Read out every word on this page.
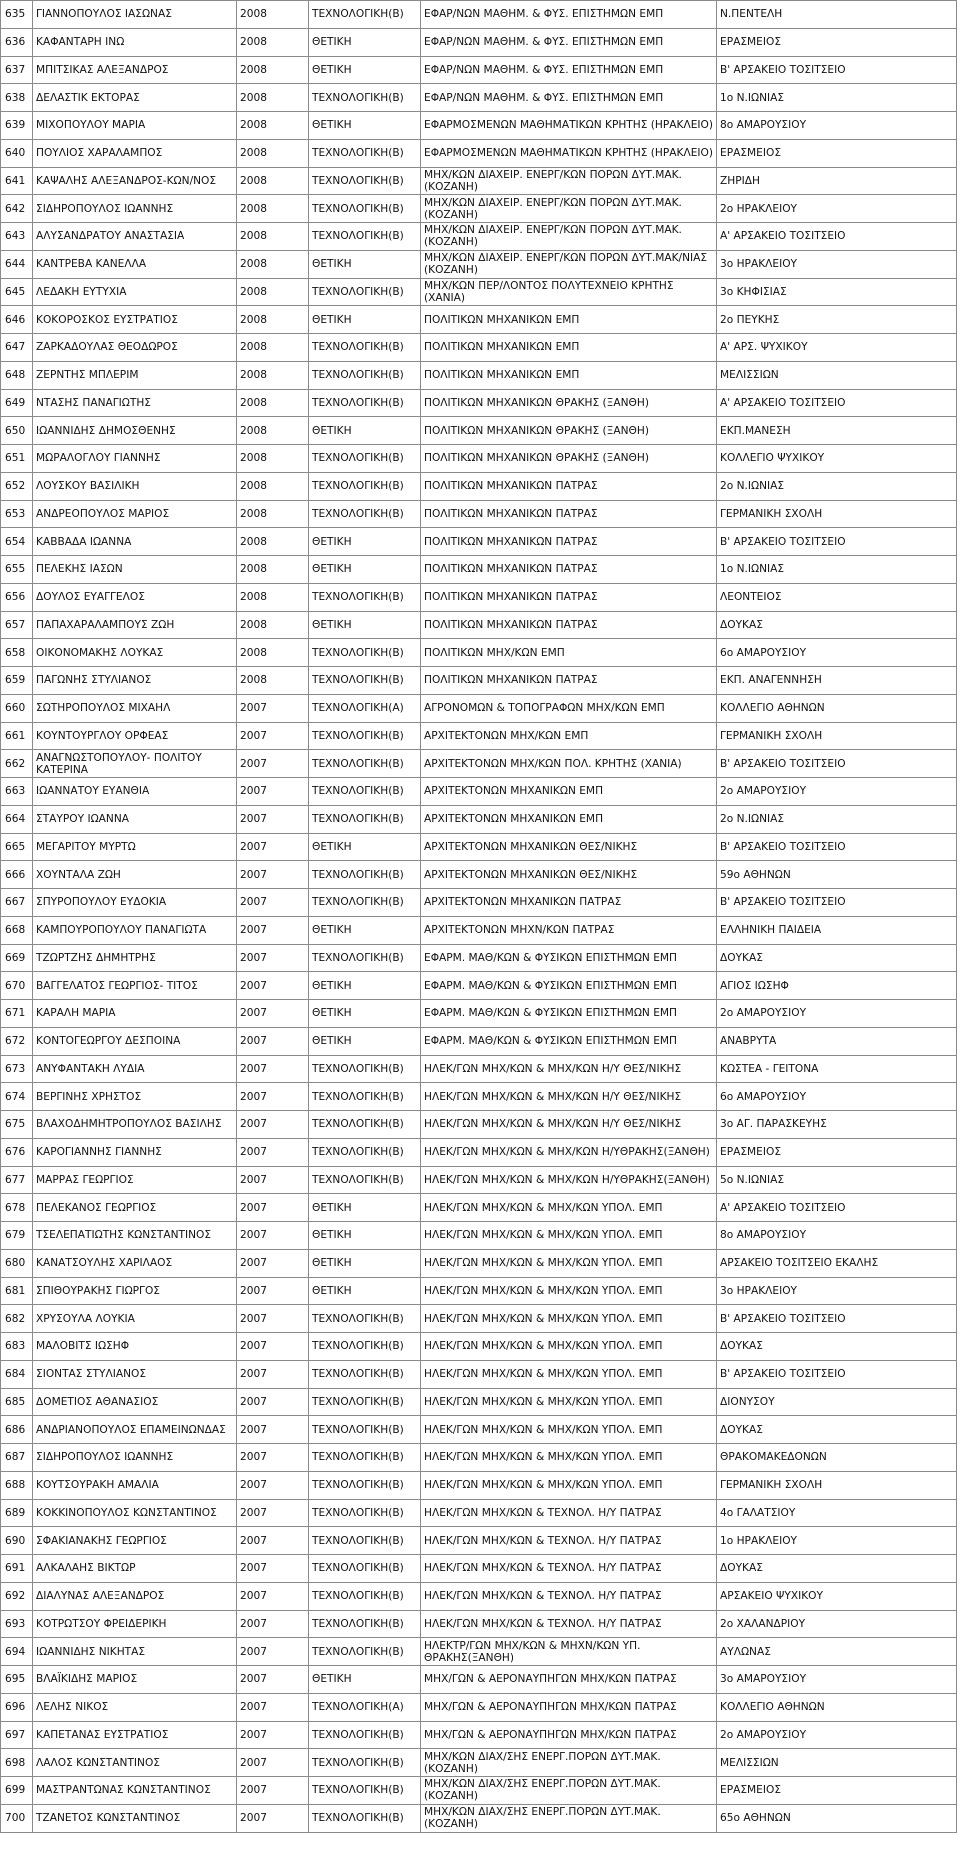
635	ΓΙΑΝΝΟΠΟΥΛΟΣ ΙΑΣΩΝΑΣ	2008	ΤΕΧΝΟΛΟΓΙΚΗ(Β)	ΕΦΑΡ/ΝΩΝ ΜΑΘΗΜ. & ΦΥΣ. ΕΠΙΣΤΗΜΩΝ ΕΜΠ	Ν.ΠΕΝΤΕΛΗ
636	ΚΑΦΑΝΤΑΡΗ ΙΝΩ	2008	ΘΕΤΙΚΗ	ΕΦΑΡ/ΝΩΝ ΜΑΘΗΜ. & ΦΥΣ. ΕΠΙΣΤΗΜΩΝ ΕΜΠ	ΕΡΑΣΜΕΙΟΣ
637	ΜΠΙΤΣΙΚΑΣ ΑΛΕΞΑΝΔΡΟΣ	2008	ΘΕΤΙΚΗ	ΕΦΑΡ/ΝΩΝ ΜΑΘΗΜ. & ΦΥΣ. ΕΠΙΣΤΗΜΩΝ ΕΜΠ	Β' ΑΡΣΑΚΕΙΟ ΤΟΣΙΤΣΕΙΟ
638	ΔΕΛΑΣΤΙΚ ΕΚΤΟΡΑΣ	2008	ΤΕΧΝΟΛΟΓΙΚΗ(Β)	ΕΦΑΡ/ΝΩΝ ΜΑΘΗΜ. & ΦΥΣ. ΕΠΙΣΤΗΜΩΝ ΕΜΠ	1ο Ν.ΙΩΝΙΑΣ
639	ΜΙΧΟΠΟΥΛΟΥ ΜΑΡΙΑ	2008	ΘΕΤΙΚΗ	ΕΦΑΡΜΟΣΜΕΝΩΝ ΜΑΘΗΜΑΤΙΚΩΝ ΚΡΗΤΗΣ (ΗΡΑΚΛΕΙΟ)	8ο ΑΜΑΡΟΥΣΙΟΥ
640	ΠΟΥΛΙΟΣ ΧΑΡΑΛΑΜΠΟΣ	2008	ΤΕΧΝΟΛΟΓΙΚΗ(Β)	ΕΦΑΡΜΟΣΜΕΝΩΝ ΜΑΘΗΜΑΤΙΚΩΝ ΚΡΗΤΗΣ (ΗΡΑΚΛΕΙΟ)	ΕΡΑΣΜΕΙΟΣ
641	ΚΑΨΑΛΗΣ ΑΛΕΞΑΝΔΡΟΣ-ΚΩΝ/ΝΟΣ	2008	ΤΕΧΝΟΛΟΓΙΚΗ(Β)	ΜΗΧ/ΚΩΝ ΔΙΑΧΕΙΡ. ΕΝΕΡΓ/ΚΩΝ ΠΟΡΩΝ ΔΥΤ.ΜΑΚ. (ΚΟΖΑΝΗ)	ΖΗΡΙΔΗ
642	ΣΙΔΗΡΟΠΟΥΛΟΣ ΙΩΑΝΝΗΣ	2008	ΤΕΧΝΟΛΟΓΙΚΗ(Β)	ΜΗΧ/ΚΩΝ ΔΙΑΧΕΙΡ. ΕΝΕΡΓ/ΚΩΝ ΠΟΡΩΝ ΔΥΤ.ΜΑΚ. (ΚΟΖΑΝΗ)	2ο ΗΡΑΚΛΕΙΟΥ
643	ΑΛΥΣΑΝΔΡΑΤΟΥ ΑΝΑΣΤΑΣΙΑ	2008	ΤΕΧΝΟΛΟΓΙΚΗ(Β)	ΜΗΧ/ΚΩΝ ΔΙΑΧΕΙΡ. ΕΝΕΡΓ/ΚΩΝ ΠΟΡΩΝ ΔΥΤ.ΜΑΚ. (ΚΟΖΑΝΗ)	Α' ΑΡΣΑΚΕΙΟ ΤΟΣΙΤΣΕΙΟ
644	ΚΑΝΤΡΕΒΑ ΚΑΝΕΛΛΑ	2008	ΘΕΤΙΚΗ	ΜΗΧ/ΚΩΝ ΔΙΑΧΕΙΡ. ΕΝΕΡΓ/ΚΩΝ ΠΟΡΩΝ ΔΥΤ.ΜΑΚ/ΝΙΑΣ (ΚΟΖΑΝΗ)	3ο ΗΡΑΚΛΕΙΟΥ
645	ΛΕΔΑΚΗ ΕΥΤΥΧΙΑ	2008	ΤΕΧΝΟΛΟΓΙΚΗ(Β)	ΜΗΧ/ΚΩΝ ΠΕΡ/ΛΟΝΤΟΣ ΠΟΛΥΤΕΧΝΕΙΟ ΚΡΗΤΗΣ (ΧΑΝΙΑ)	3ο ΚΗΦΙΣΙΑΣ
646	ΚΟΚΟΡΟΣΚΟΣ ΕΥΣΤΡΑΤΙΟΣ	2008	ΘΕΤΙΚΗ	ΠΟΛΙΤΙΚΩΝ ΜΗΧΑΝΙΚΩΝ ΕΜΠ	2ο ΠΕΥΚΗΣ
647	ΖΑΡΚΑΔΟΥΛΑΣ ΘΕΟΔΩΡΟΣ	2008	ΤΕΧΝΟΛΟΓΙΚΗ(Β)	ΠΟΛΙΤΙΚΩΝ ΜΗΧΑΝΙΚΩΝ ΕΜΠ	Α' ΑΡΣ. ΨΥΧΙΚΟΥ
648	ΖΕΡΝΤΗΣ ΜΠΛΕΡΙΜ	2008	ΤΕΧΝΟΛΟΓΙΚΗ(Β)	ΠΟΛΙΤΙΚΩΝ ΜΗΧΑΝΙΚΩΝ ΕΜΠ	ΜΕΛΙΣΣΙΩΝ
649	ΝΤΑΣΗΣ ΠΑΝΑΓΙΩΤΗΣ	2008	ΤΕΧΝΟΛΟΓΙΚΗ(Β)	ΠΟΛΙΤΙΚΩΝ ΜΗΧΑΝΙΚΩΝ ΘΡΑΚΗΣ (ΞΑΝΘΗ)	Α' ΑΡΣΑΚΕΙΟ ΤΟΣΙΤΣΕΙΟ
650	ΙΩΑΝΝΙΔΗΣ ΔΗΜΟΣΘΕΝΗΣ	2008	ΘΕΤΙΚΗ	ΠΟΛΙΤΙΚΩΝ ΜΗΧΑΝΙΚΩΝ ΘΡΑΚΗΣ (ΞΑΝΘΗ)	ΕΚΠ.ΜΑΝΕΣΗ
651	ΜΩΡΑΛΟΓΛΟΥ ΓΙΑΝΝΗΣ	2008	ΤΕΧΝΟΛΟΓΙΚΗ(Β)	ΠΟΛΙΤΙΚΩΝ ΜΗΧΑΝΙΚΩΝ ΘΡΑΚΗΣ (ΞΑΝΘΗ)	ΚΟΛΛΕΓΙΟ ΨΥΧΙΚΟΥ
652	ΛΟΥΣΚΟΥ ΒΑΣΙΛΙΚΗ	2008	ΤΕΧΝΟΛΟΓΙΚΗ(Β)	ΠΟΛΙΤΙΚΩΝ ΜΗΧΑΝΙΚΩΝ ΠΑΤΡΑΣ	2ο Ν.ΙΩΝΙΑΣ
653	ΑΝΔΡΕΟΠΟΥΛΟΣ ΜΑΡΙΟΣ	2008	ΤΕΧΝΟΛΟΓΙΚΗ(Β)	ΠΟΛΙΤΙΚΩΝ ΜΗΧΑΝΙΚΩΝ ΠΑΤΡΑΣ	ΓΕΡΜΑΝΙΚΗ ΣΧΟΛΗ
654	ΚΑΒΒΑΔΑ ΙΩΑΝΝΑ	2008	ΘΕΤΙΚΗ	ΠΟΛΙΤΙΚΩΝ ΜΗΧΑΝΙΚΩΝ ΠΑΤΡΑΣ	Β' ΑΡΣΑΚΕΙΟ ΤΟΣΙΤΣΕΙΟ
655	ΠΕΛΕΚΗΣ ΙΑΣΩΝ	2008	ΘΕΤΙΚΗ	ΠΟΛΙΤΙΚΩΝ ΜΗΧΑΝΙΚΩΝ ΠΑΤΡΑΣ	1ο Ν.ΙΩΝΙΑΣ
656	ΔΟΥΛΟΣ ΕΥΑΓΓΕΛΟΣ	2008	ΤΕΧΝΟΛΟΓΙΚΗ(Β)	ΠΟΛΙΤΙΚΩΝ ΜΗΧΑΝΙΚΩΝ ΠΑΤΡΑΣ	ΛΕΟΝΤΕΙΟΣ
657	ΠΑΠΑΧΑΡΑΛΑΜΠΟΥΣ ΖΩΗ	2008	ΘΕΤΙΚΗ	ΠΟΛΙΤΙΚΩΝ ΜΗΧΑΝΙΚΩΝ ΠΑΤΡΑΣ	ΔΟΥΚΑΣ
658	ΟΙΚΟΝΟΜΑΚΗΣ ΛΟΥΚΑΣ	2008	ΤΕΧΝΟΛΟΓΙΚΗ(Β)	ΠΟΛΙΤΙΚΩΝ ΜΗΧ/ΚΩΝ ΕΜΠ	6ο ΑΜΑΡΟΥΣΙΟΥ
659	ΠΑΓΩΝΗΣ ΣΤΥΛΙΑΝΟΣ	2008	ΤΕΧΝΟΛΟΓΙΚΗ(Β)	ΠΟΛΙΤΙΚΩΝ ΜΗΧΑΝΙΚΩΝ ΠΑΤΡΑΣ	ΕΚΠ. ΑΝΑΓΕΝΝΗΣΗ
660	ΣΩΤΗΡΟΠΟΥΛΟΣ ΜΙΧΑΗΛ	2007	ΤΕΧΝΟΛΟΓΙΚΗ(Α)	ΑΓΡΟΝΟΜΩΝ & ΤΟΠΟΓΡΑΦΩΝ ΜΗΧ/ΚΩΝ ΕΜΠ	ΚΟΛΛΕΓΙΟ ΑΘΗΝΩΝ
661	ΚΟΥΝΤΟΥΡΓΛΟΥ ΟΡΦΕΑΣ	2007	ΤΕΧΝΟΛΟΓΙΚΗ(Β)	ΑΡΧΙΤΕΚΤΟΝΩΝ ΜΗΧ/ΚΩΝ ΕΜΠ	ΓΕΡΜΑΝΙΚΗ ΣΧΟΛΗ
662	ΑΝΑΓΝΩΣΤΟΠΟΥΛΟΥ- ΠΟΛΙΤΟΥ ΚΑΤΕΡΙΝΑ	2007	ΤΕΧΝΟΛΟΓΙΚΗ(Β)	ΑΡΧΙΤΕΚΤΟΝΩΝ ΜΗΧ/ΚΩΝ ΠΟΛ. ΚΡΗΤΗΣ (ΧΑΝΙΑ)	Β' ΑΡΣΑΚΕΙΟ ΤΟΣΙΤΣΕΙΟ
663	ΙΩΑΝΝΑΤΟΥ ΕΥΑΝΘΙΑ	2007	ΤΕΧΝΟΛΟΓΙΚΗ(Β)	ΑΡΧΙΤΕΚΤΟΝΩΝ ΜΗΧΑΝΙΚΩΝ ΕΜΠ	2ο ΑΜΑΡΟΥΣΙΟΥ
664	ΣΤΑΥΡΟΥ ΙΩΑΝΝΑ	2007	ΤΕΧΝΟΛΟΓΙΚΗ(Β)	ΑΡΧΙΤΕΚΤΟΝΩΝ ΜΗΧΑΝΙΚΩΝ ΕΜΠ	2ο Ν.ΙΩΝΙΑΣ
665	ΜΕΓΑΡΙΤΟΥ ΜΥΡΤΩ	2007	ΘΕΤΙΚΗ	ΑΡΧΙΤΕΚΤΟΝΩΝ ΜΗΧΑΝΙΚΩΝ ΘΕΣ/ΝΙΚΗΣ	Β' ΑΡΣΑΚΕΙΟ ΤΟΣΙΤΣΕΙΟ
666	ΧΟΥΝΤΑΛΑ ΖΩΗ	2007	ΤΕΧΝΟΛΟΓΙΚΗ(Β)	ΑΡΧΙΤΕΚΤΟΝΩΝ ΜΗΧΑΝΙΚΩΝ ΘΕΣ/ΝΙΚΗΣ	59ο ΑΘΗΝΩΝ
667	ΣΠΥΡΟΠΟΥΛΟΥ ΕΥΔΟΚΙΑ	2007	ΤΕΧΝΟΛΟΓΙΚΗ(Β)	ΑΡΧΙΤΕΚΤΟΝΩΝ ΜΗΧΑΝΙΚΩΝ ΠΑΤΡΑΣ	Β' ΑΡΣΑΚΕΙΟ ΤΟΣΙΤΣΕΙΟ
668	ΚΑΜΠΟΥΡΟΠΟΥΛΟΥ ΠΑΝΑΓΙΩΤΑ	2007	ΘΕΤΙΚΗ	ΑΡΧΙΤΕΚΤΟΝΩΝ ΜΗΧΝ/ΚΩΝ ΠΑΤΡΑΣ	ΕΛΛΗΝΙΚΗ ΠΑΙΔΕΙΑ
669	ΤΖΩΡΤΖΗΣ ΔΗΜΗΤΡΗΣ	2007	ΤΕΧΝΟΛΟΓΙΚΗ(Β)	ΕΦΑΡΜ. ΜΑΘ/ΚΩΝ & ΦΥΣΙΚΩΝ ΕΠΙΣΤΗΜΩΝ ΕΜΠ	ΔΟΥΚΑΣ
670	ΒΑΓΓΕΛΑΤΟΣ ΓΕΩΡΓΙΟΣ- ΤΙΤΟΣ	2007	ΘΕΤΙΚΗ	ΕΦΑΡΜ. ΜΑΘ/ΚΩΝ & ΦΥΣΙΚΩΝ ΕΠΙΣΤΗΜΩΝ ΕΜΠ	ΑΓΙΟΣ ΙΩΣΗΦ
671	ΚΑΡΑΛΗ ΜΑΡΙΑ	2007	ΘΕΤΙΚΗ	ΕΦΑΡΜ. ΜΑΘ/ΚΩΝ & ΦΥΣΙΚΩΝ ΕΠΙΣΤΗΜΩΝ ΕΜΠ	2ο ΑΜΑΡΟΥΣΙΟΥ
672	ΚΟΝΤΟΓΕΩΡΓΟΥ ΔΕΣΠΟΙΝΑ	2007	ΘΕΤΙΚΗ	ΕΦΑΡΜ. ΜΑΘ/ΚΩΝ & ΦΥΣΙΚΩΝ ΕΠΙΣΤΗΜΩΝ ΕΜΠ	ΑΝΑΒΡΥΤΑ
673	ΑΝΥΦΑΝΤΑΚΗ ΛΥΔΙΑ	2007	ΤΕΧΝΟΛΟΓΙΚΗ(Β)	ΗΛΕΚ/ΓΩΝ ΜΗΧ/ΚΩΝ & ΜΗΧ/ΚΩΝ Η/Υ ΘΕΣ/ΝΙΚΗΣ	ΚΩΣΤΕΑ - ΓΕΙΤΟΝΑ
674	ΒΕΡΓΙΝΗΣ ΧΡΗΣΤΟΣ	2007	ΤΕΧΝΟΛΟΓΙΚΗ(Β)	ΗΛΕΚ/ΓΩΝ ΜΗΧ/ΚΩΝ & ΜΗΧ/ΚΩΝ Η/Υ ΘΕΣ/ΝΙΚΗΣ	6ο ΑΜΑΡΟΥΣΙΟΥ
675	ΒΛΑΧΟΔΗΜΗΤΡΟΠΟΥΛΟΣ ΒΑΣΙΛΗΣ	2007	ΤΕΧΝΟΛΟΓΙΚΗ(Β)	ΗΛΕΚ/ΓΩΝ ΜΗΧ/ΚΩΝ & ΜΗΧ/ΚΩΝ Η/Υ ΘΕΣ/ΝΙΚΗΣ	3ο ΑΓ. ΠΑΡΑΣΚΕΥΗΣ
676	ΚΑΡΟΓΙΑΝΝΗΣ ΓΙΑΝΝΗΣ	2007	ΤΕΧΝΟΛΟΓΙΚΗ(Β)	ΗΛΕΚ/ΓΩΝ ΜΗΧ/ΚΩΝ & ΜΗΧ/ΚΩΝ Η/ΥΘΡΑΚΗΣ(ΞΑΝΘΗ)	ΕΡΑΣΜΕΙΟΣ
677	ΜΑΡΡΑΣ ΓΕΩΡΓΙΟΣ	2007	ΤΕΧΝΟΛΟΓΙΚΗ(Β)	ΗΛΕΚ/ΓΩΝ ΜΗΧ/ΚΩΝ & ΜΗΧ/ΚΩΝ Η/ΥΘΡΑΚΗΣ(ΞΑΝΘΗ)	5ο Ν.ΙΩΝΙΑΣ
678	ΠΕΛΕΚΑΝΟΣ ΓΕΩΡΓΙΟΣ	2007	ΘΕΤΙΚΗ	ΗΛΕΚ/ΓΩΝ ΜΗΧ/ΚΩΝ & ΜΗΧ/ΚΩΝ ΥΠΟΛ. ΕΜΠ	Α' ΑΡΣΑΚΕΙΟ ΤΟΣΙΤΣΕΙΟ
679	ΤΣΕΛΕΠΑΤΙΩΤΗΣ ΚΩΝΣΤΑΝΤΙΝΟΣ	2007	ΘΕΤΙΚΗ	ΗΛΕΚ/ΓΩΝ ΜΗΧ/ΚΩΝ & ΜΗΧ/ΚΩΝ ΥΠΟΛ. ΕΜΠ	8ο ΑΜΑΡΟΥΣΙΟΥ
680	ΚΑΝΑΤΣΟΥΛΗΣ ΧΑΡΙΛΑΟΣ	2007	ΘΕΤΙΚΗ	ΗΛΕΚ/ΓΩΝ ΜΗΧ/ΚΩΝ & ΜΗΧ/ΚΩΝ ΥΠΟΛ. ΕΜΠ	ΑΡΣΑΚΕΙΟ ΤΟΣΙΤΣΕΙΟ ΕΚΑΛΗΣ
681	ΣΠΙΘΟΥΡΑΚΗΣ ΓΙΩΡΓΟΣ	2007	ΘΕΤΙΚΗ	ΗΛΕΚ/ΓΩΝ ΜΗΧ/ΚΩΝ & ΜΗΧ/ΚΩΝ ΥΠΟΛ. ΕΜΠ	3ο ΗΡΑΚΛΕΙΟΥ
682	ΧΡΥΣΟΥΛΑ ΛΟΥΚΙΑ	2007	ΤΕΧΝΟΛΟΓΙΚΗ(Β)	ΗΛΕΚ/ΓΩΝ ΜΗΧ/ΚΩΝ & ΜΗΧ/ΚΩΝ ΥΠΟΛ. ΕΜΠ	Β' ΑΡΣΑΚΕΙΟ ΤΟΣΙΤΣΕΙΟ
683	ΜΑΛΟΒΙΤΣ ΙΩΣΗΦ	2007	ΤΕΧΝΟΛΟΓΙΚΗ(Β)	ΗΛΕΚ/ΓΩΝ ΜΗΧ/ΚΩΝ & ΜΗΧ/ΚΩΝ ΥΠΟΛ. ΕΜΠ	ΔΟΥΚΑΣ
684	ΣΙΟΝΤΑΣ ΣΤΥΛΙΑΝΟΣ	2007	ΤΕΧΝΟΛΟΓΙΚΗ(Β)	ΗΛΕΚ/ΓΩΝ ΜΗΧ/ΚΩΝ & ΜΗΧ/ΚΩΝ ΥΠΟΛ. ΕΜΠ	Β' ΑΡΣΑΚΕΙΟ ΤΟΣΙΤΣΕΙΟ
685	ΔΟΜΕΤΙΟΣ ΑΘΑΝΑΣΙΟΣ	2007	ΤΕΧΝΟΛΟΓΙΚΗ(Β)	ΗΛΕΚ/ΓΩΝ ΜΗΧ/ΚΩΝ & ΜΗΧ/ΚΩΝ ΥΠΟΛ. ΕΜΠ	ΔΙΟΝΥΣΟΥ
686	ΑΝΔΡΙΑΝΟΠΟΥΛΟΣ ΕΠΑΜΕΙΝΩΝΔΑΣ	2007	ΤΕΧΝΟΛΟΓΙΚΗ(Β)	ΗΛΕΚ/ΓΩΝ ΜΗΧ/ΚΩΝ & ΜΗΧ/ΚΩΝ ΥΠΟΛ. ΕΜΠ	ΔΟΥΚΑΣ
687	ΣΙΔΗΡΟΠΟΥΛΟΣ ΙΩΑΝΝΗΣ	2007	ΤΕΧΝΟΛΟΓΙΚΗ(Β)	ΗΛΕΚ/ΓΩΝ ΜΗΧ/ΚΩΝ & ΜΗΧ/ΚΩΝ ΥΠΟΛ. ΕΜΠ	ΘΡΑΚΟΜΑΚΕΔΟΝΩΝ
688	ΚΟΥΤΣΟΥΡΑΚΗ ΑΜΑΛΙΑ	2007	ΤΕΧΝΟΛΟΓΙΚΗ(Β)	ΗΛΕΚ/ΓΩΝ ΜΗΧ/ΚΩΝ & ΜΗΧ/ΚΩΝ ΥΠΟΛ. ΕΜΠ	ΓΕΡΜΑΝΙΚΗ ΣΧΟΛΗ
689	ΚΟΚΚΙΝΟΠΟΥΛΟΣ ΚΩΝΣΤΑΝΤΙΝΟΣ	2007	ΤΕΧΝΟΛΟΓΙΚΗ(Β)	ΗΛΕΚ/ΓΩΝ ΜΗΧ/ΚΩΝ & ΤΕΧΝΟΛ. Η/Υ ΠΑΤΡΑΣ	4ο ΓΑΛΑΤΣΙΟΥ
690	ΣΦΑΚΙΑΝΑΚΗΣ ΓΕΩΡΓΙΟΣ	2007	ΤΕΧΝΟΛΟΓΙΚΗ(Β)	ΗΛΕΚ/ΓΩΝ ΜΗΧ/ΚΩΝ & ΤΕΧΝΟΛ. Η/Υ ΠΑΤΡΑΣ	1ο ΗΡΑΚΛΕΙΟΥ
691	ΑΛΚΑΛΑΗΣ ΒΙΚΤΩΡ	2007	ΤΕΧΝΟΛΟΓΙΚΗ(Β)	ΗΛΕΚ/ΓΩΝ ΜΗΧ/ΚΩΝ & ΤΕΧΝΟΛ. Η/Υ ΠΑΤΡΑΣ	ΔΟΥΚΑΣ
692	ΔΙΑΛΥΝΑΣ ΑΛΕΞΑΝΔΡΟΣ	2007	ΤΕΧΝΟΛΟΓΙΚΗ(Β)	ΗΛΕΚ/ΓΩΝ ΜΗΧ/ΚΩΝ & ΤΕΧΝΟΛ. Η/Υ ΠΑΤΡΑΣ	ΑΡΣΑΚΕΙΟ ΨΥΧΙΚΟΥ
693	ΚΟΤΡΩΤΣΟΥ ΦΡΕΙΔΕΡΙΚΗ	2007	ΤΕΧΝΟΛΟΓΙΚΗ(Β)	ΗΛΕΚ/ΓΩΝ ΜΗΧ/ΚΩΝ & ΤΕΧΝΟΛ. Η/Υ ΠΑΤΡΑΣ	2ο ΧΑΛΑΝΔΡΙΟΥ
694	ΙΩΑΝΝΙΔΗΣ ΝΙΚΗΤΑΣ	2007	ΤΕΧΝΟΛΟΓΙΚΗ(Β)	ΗΛΕΚΤΡ/ΓΩΝ ΜΗΧ/ΚΩΝ & ΜΗΧΝ/ΚΩΝ ΥΠ. ΘΡΑΚΗΣ(ΞΑΝΘΗ)	ΑΥΛΩΝΑΣ
695	ΒΛΑΪΚΙΔΗΣ ΜΑΡΙΟΣ	2007	ΘΕΤΙΚΗ	ΜΗΧ/ΓΩΝ & ΑΕΡΟΝΑΥΠΗΓΩΝ ΜΗΧ/ΚΩΝ ΠΑΤΡΑΣ	3ο ΑΜΑΡΟΥΣΙΟΥ
696	ΛΕΛΗΣ ΝΙΚΟΣ	2007	ΤΕΧΝΟΛΟΓΙΚΗ(Α)	ΜΗΧ/ΓΩΝ & ΑΕΡΟΝΑΥΠΗΓΩΝ ΜΗΧ/ΚΩΝ ΠΑΤΡΑΣ	ΚΟΛΛΕΓΙΟ ΑΘΗΝΩΝ
697	ΚΑΠΕΤΑΝΑΣ ΕΥΣΤΡΑΤΙΟΣ	2007	ΤΕΧΝΟΛΟΓΙΚΗ(Β)	ΜΗΧ/ΓΩΝ & ΑΕΡΟΝΑΥΠΗΓΩΝ ΜΗΧ/ΚΩΝ ΠΑΤΡΑΣ	2ο ΑΜΑΡΟΥΣΙΟΥ
698	ΛΑΛΟΣ ΚΩΝΣΤΑΝΤΙΝΟΣ	2007	ΤΕΧΝΟΛΟΓΙΚΗ(Β)	ΜΗΧ/ΚΩΝ ΔΙΑΧ/ΣΗΣ ΕΝΕΡΓ.ΠΟΡΩΝ ΔΥΤ.ΜΑΚ.(ΚΟΖΑΝΗ)	ΜΕΛΙΣΣΙΩΝ
699	ΜΑΣΤΡΑΝΤΩΝΑΣ ΚΩΝΣΤΑΝΤΙΝΟΣ	2007	ΤΕΧΝΟΛΟΓΙΚΗ(Β)	ΜΗΧ/ΚΩΝ ΔΙΑΧ/ΣΗΣ ΕΝΕΡΓ.ΠΟΡΩΝ ΔΥΤ.ΜΑΚ.(ΚΟΖΑΝΗ)	ΕΡΑΣΜΕΙΟΣ
700	ΤΖΑΝΕΤΟΣ ΚΩΝΣΤΑΝΤΙΝΟΣ	2007	ΤΕΧΝΟΛΟΓΙΚΗ(Β)	ΜΗΧ/ΚΩΝ ΔΙΑΧ/ΣΗΣ ΕΝΕΡΓ.ΠΟΡΩΝ ΔΥΤ.ΜΑΚ.(ΚΟΖΑΝΗ)	65ο ΑΘΗΝΩΝ
